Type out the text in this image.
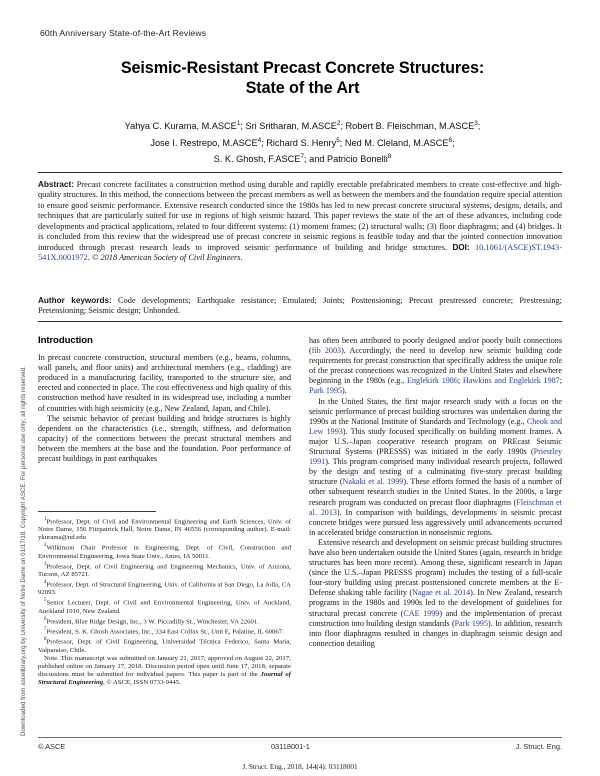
Downloaded from ascelibrary.org by University of Notre Dame on 01/17/18. Copyright ASCE. For personal use only; all rights reserved.
60th Anniversary State-of-the-Art Reviews
Seismic-Resistant Precast Concrete Structures:
State of the Art
Yahya C. Kurama, M.ASCE$^1$; Sri Sritharan, M.ASCE$^2$; Robert B. Fleischman, M.ASCE$^3$;
Jose I. Restrepo, M.ASCE$^4$; Richard S. Henry$^5$; Ned M. Cleland, M.ASCE$^6$;
S. K. Ghosh, F.ASCE$^7$; and Patricio Bonelli$^8$
Abstract: Precast concrete facilitates a construction method using durable and rapidly erectable prefabricated members to create cost-effective and high-quality structures. In this method, the connections between the precast members as well as between the members and the foundation require special attention to ensure good seismic performance. Extensive research conducted since the 1980s has led to new precast concrete structural systems, designs, details, and techniques that are particularly suited for use in regions of high seismic hazard. This paper reviews the state of the art of these advances, including code developments and practical applications, related to four different systems: (1) moment frames; (2) structural walls; (3) floor diaphragms; and (4) bridges. It is concluded from this review that the widespread use of precast concrete in seismic regions is feasible today and that the jointed connection innovation introduced through precast research leads to improved seismic performance of building and bridge structures. DOI: 10.1061/(ASCE)ST.1943-541X.0001972. © 2018 American Society of Civil Engineers.
Author keywords: Code developments; Earthquake resistance; Emulated; Joints; Posttensioning; Precast prestressed concrete; Prestressing; Pretensioning; Seismic design; Unbonded.
Introduction

In precast concrete construction, structural members (e.g., beams, columns, wall panels, and floor units) and architectural members (e.g., cladding) are produced in a manufacturing facility, transported to the structure site, and erected and connected in place. The cost effectiveness and high quality of this construction method have resulted in its widespread use, including a number of countries with high seismicity (e.g., New Zealand, Japan, and Chile).

The seismic behavior of precast building and bridge structures is highly dependent on the characteristics (i.e., strength, stiffness, and deformation capacity) of the connections between the precast structural members and between the members at the base and the foundation. Poor performance of precast buildings in past earthquakes

has often been attributed to poorly designed and/or poorly built connections (fib 2003). Accordingly, the need to develop new seismic building code requirements for precast construction that specifically address the unique role of the precast connections was recognized in the United States and elsewhere beginning in the 1980s (e.g., Englekirk 1986; Hawkins and Englekirk 1987; Park 1995).

In the United States, the first major research study with a focus on the seismic performance of precast building structures was undertaken during the 1990s at the National Institute of Standards and Technology (e.g., Cheok and Lew 1993). This study focused specifically on building moment frames. A major U.S.–Japan cooperative research program on PREcast Seismic Structural Systems (PRESSS) was initiated in the early 1990s (Priestley 1991). This program comprised many individual research projects, followed by the design and testing of a culminating five-story precast building structure (Nakaki et al. 1999). These efforts formed the basis of a number of other subsequent research studies in the United States. In the 2000s, a large research program was conducted on precast floor diaphragms (Fleischman et al. 2013). In comparison with buildings, developments in seismic precast concrete bridges were pursued less aggressively until advancements occurred in accelerated bridge construction in nonseismic regions.

Extensive research and development on seismic precast building structures have also been undertaken outside the United States (again, research in bridge structures has been more recent). Among these, significant research in Japan (since the U.S.–Japan PRESSS program) includes the testing of a full-scale four-story building using precast posttensioned concrete members at the E-Defense shaking table facility (Nagae et al. 2014). In New Zealand, research programs in the 1980s and 1990s led to the development of guidelines for structural precast concrete (CAE 1999) and the implementation of precast construction into building design standards (Park 1995). In addition, research into floor diaphragms resulted in changes in diaphragm seismic design and connection detailing

$^1$Professor, Dept. of Civil and Environmental Engineering and Earth Sciences, Univ. of Notre Dame, 156 Fitzpatrick Hall, Notre Dame, IN 46556 (corresponding author). E-mail: ykurama@nd.edu

$^2$Wilkinson Chair Professor in Engineering, Dept. of Civil, Construction and Environmental Engineering, Iowa State Univ., Ames, IA 50011.

$^3$Professor, Dept. of Civil Engineering and Engineering Mechanics, Univ. of Arizona, Tucson, AZ 85721.

$^4$Professor, Dept. of Structural Engineering, Univ. of California at San Diego, La Jolla, CA 92093.

$^5$Senior Lecturer, Dept. of Civil and Environmental Engineering, Univ. of Auckland, Auckland 1010, New Zealand.

$^6$President, Blue Ridge Design, Inc., 3 W. Piccadilly St., Winchester, VA 22601.

$^7$President, S. K. Ghosh Associates, Inc., 334 East Colfax St., Unit E, Palatine, IL 60067.

$^8$Professor, Dept. of Civil Engineering, Universidad Técnica Federico, Santa Maria, Valparaiso, Chile.

Note. This manuscript was submitted on January 21, 2017; approved on August 22, 2017; published online on January 17, 2018. Discussion period open until June 17, 2018; separate discussions must be submitted for individual papers. This paper is part of the Journal of Structural Engineering, © ASCE, ISSN 0733-9445.

© ASCE	03118001-1	J. Struct. Eng.
J. Struct. Eng., 2018, 144(4): 03118001
